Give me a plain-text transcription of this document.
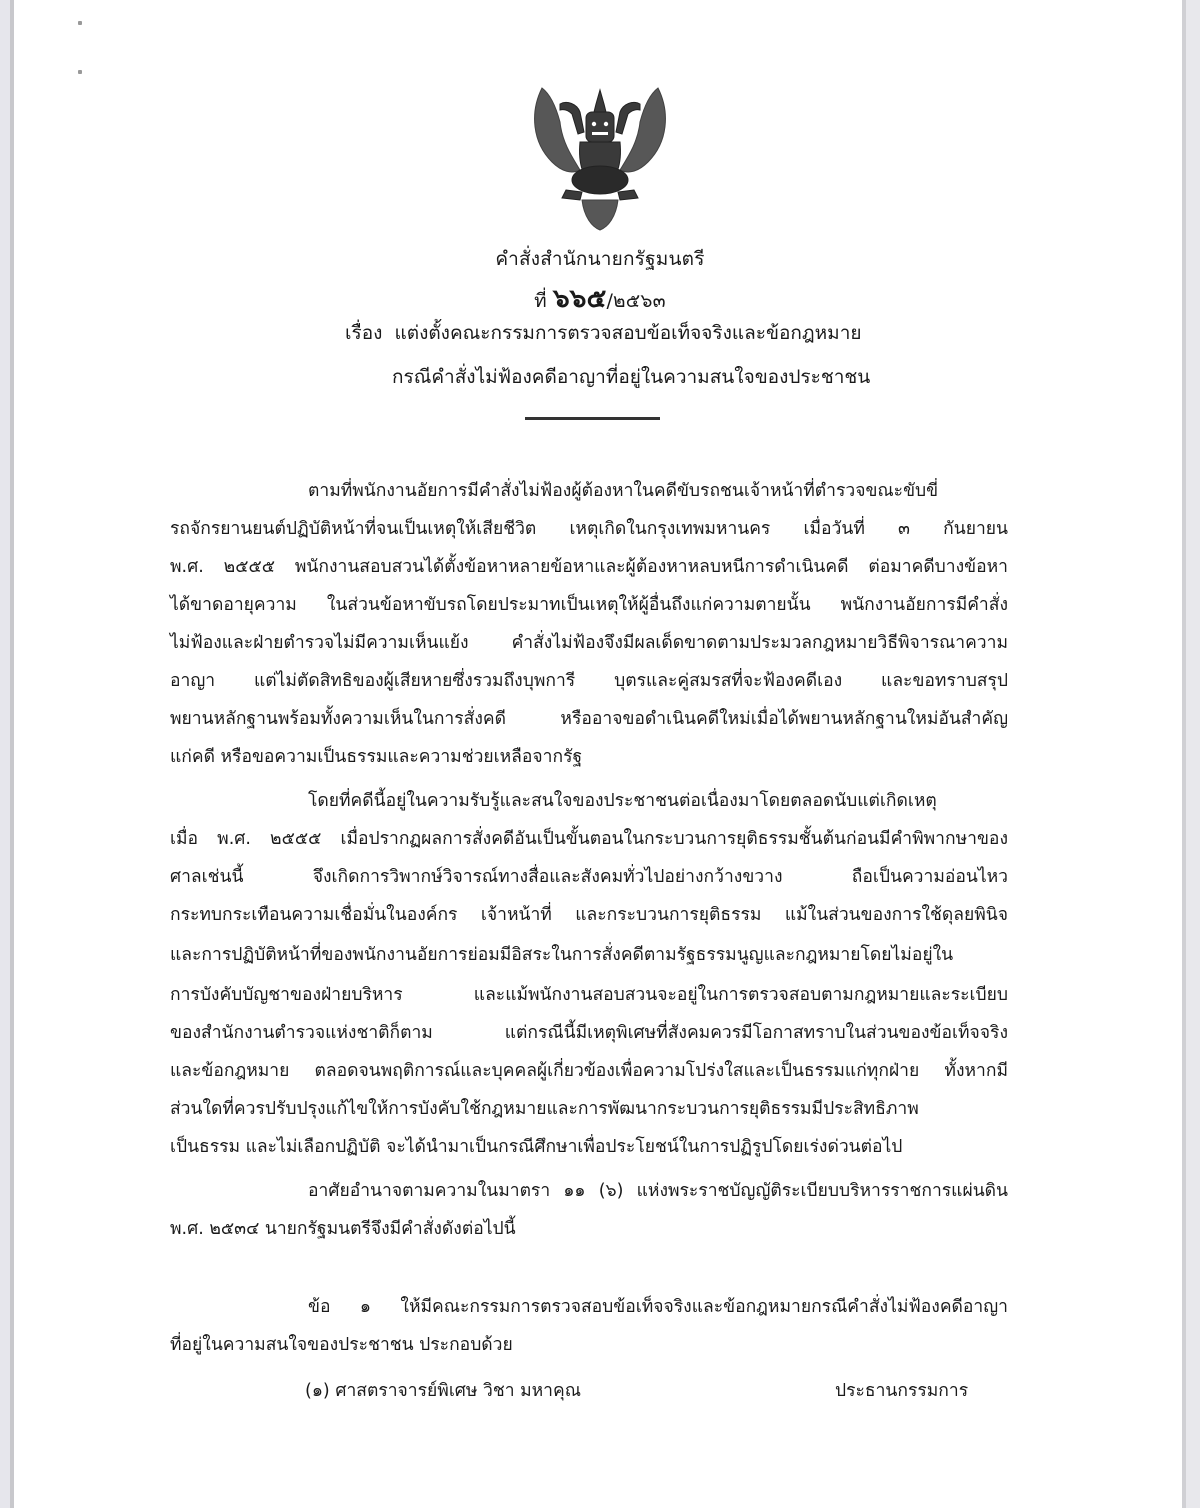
คำสั่งสำนักนายกรัฐมนตรี
ที่ ๖๖๕/๒๕๖๓
เรื่อง แต่งตั้งคณะกรรมการตรวจสอบข้อเท็จจริงและข้อกฎหมาย
กรณีคำสั่งไม่ฟ้องคดีอาญาที่อยู่ในความสนใจของประชาชน
ตามที่พนักงานอัยการมีคำสั่งไม่ฟ้องผู้ต้องหาในคดีขับรถชนเจ้าหน้าที่ตำรวจขณะขับขี่
รถจักรยานยนต์ปฏิบัติหน้าที่จนเป็นเหตุให้เสียชีวิต เหตุเกิดในกรุงเทพมหานคร เมื่อวันที่ ๓ กันยายน
พ.ศ. ๒๕๕๕ พนักงานสอบสวนได้ตั้งข้อหาหลายข้อหาและผู้ต้องหาหลบหนีการดำเนินคดี ต่อมาคดีบางข้อหา
ได้ขาดอายุความ ในส่วนข้อหาขับรถโดยประมาทเป็นเหตุให้ผู้อื่นถึงแก่ความตายนั้น พนักงานอัยการมีคำสั่ง
ไม่ฟ้องและฝ่ายตำรวจไม่มีความเห็นแย้ง คำสั่งไม่ฟ้องจึงมีผลเด็ดขาดตามประมวลกฎหมายวิธีพิจารณาความ
อาญา แต่ไม่ตัดสิทธิของผู้เสียหายซึ่งรวมถึงบุพการี บุตรและคู่สมรสที่จะฟ้องคดีเอง และขอทราบสรุป
พยานหลักฐานพร้อมทั้งความเห็นในการสั่งคดี หรืออาจขอดำเนินคดีใหม่เมื่อได้พยานหลักฐานใหม่อันสำคัญ
แก่คดี หรือขอความเป็นธรรมและความช่วยเหลือจากรัฐ
โดยที่คดีนี้อยู่ในความรับรู้และสนใจของประชาชนต่อเนื่องมาโดยตลอดนับแต่เกิดเหตุ
เมื่อ พ.ศ. ๒๕๕๕ เมื่อปรากฏผลการสั่งคดีอันเป็นขั้นตอนในกระบวนการยุติธรรมชั้นต้นก่อนมีคำพิพากษาของ
ศาลเช่นนี้ จึงเกิดการวิพากษ์วิจารณ์ทางสื่อและสังคมทั่วไปอย่างกว้างขวาง ถือเป็นความอ่อนไหว
กระทบกระเทือนความเชื่อมั่นในองค์กร เจ้าหน้าที่ และกระบวนการยุติธรรม แม้ในส่วนของการใช้ดุลยพินิจ
และการปฏิบัติหน้าที่ของพนักงานอัยการย่อมมีอิสระในการสั่งคดีตามรัฐธรรมนูญและกฎหมายโดยไม่อยู่ใน
การบังคับบัญชาของฝ่ายบริหาร และแม้พนักงานสอบสวนจะอยู่ในการตรวจสอบตามกฎหมายและระเบียบ
ของสำนักงานตำรวจแห่งชาติก็ตาม แต่กรณีนี้มีเหตุพิเศษที่สังคมควรมีโอกาสทราบในส่วนของข้อเท็จจริง
และข้อกฎหมาย ตลอดจนพฤติการณ์และบุคคลผู้เกี่ยวข้องเพื่อความโปร่งใสและเป็นธรรมแก่ทุกฝ่าย ทั้งหากมี
ส่วนใดที่ควรปรับปรุงแก้ไขให้การบังคับใช้กฎหมายและการพัฒนากระบวนการยุติธรรมมีประสิทธิภาพ
เป็นธรรม และไม่เลือกปฏิบัติ จะได้นำมาเป็นกรณีศึกษาเพื่อประโยชน์ในการปฏิรูปโดยเร่งด่วนต่อไป
อาศัยอำนาจตามความในมาตรา ๑๑ (๖) แห่งพระราชบัญญัติระเบียบบริหารราชการแผ่นดิน
พ.ศ. ๒๕๓๔ นายกรัฐมนตรีจึงมีคำสั่งดังต่อไปนี้
ข้อ ๑ ให้มีคณะกรรมการตรวจสอบข้อเท็จจริงและข้อกฎหมายกรณีคำสั่งไม่ฟ้องคดีอาญา
ที่อยู่ในความสนใจของประชาชน ประกอบด้วย
(๑) ศาสตราจารย์พิเศษ วิชา มหาคุณ	ประธานกรรมการ
